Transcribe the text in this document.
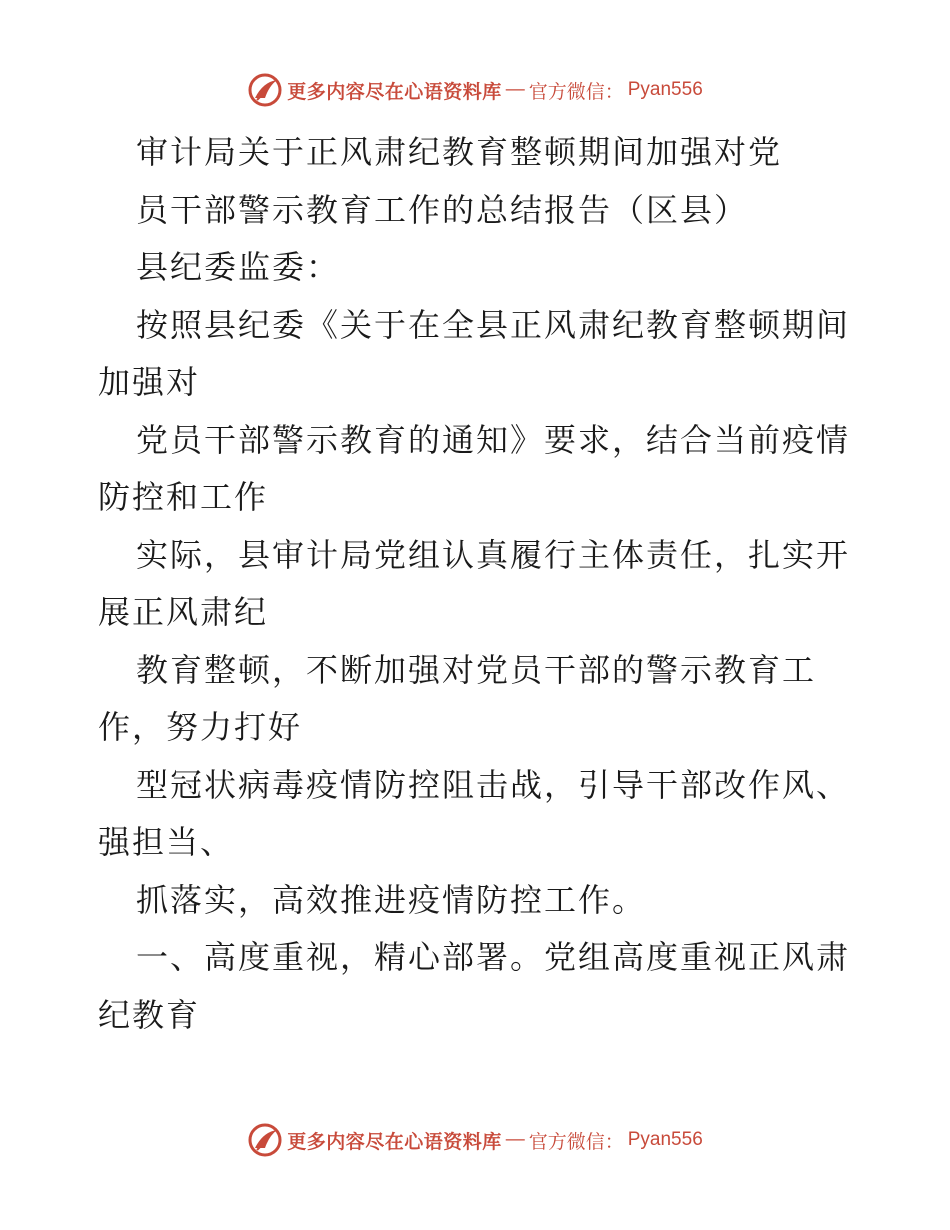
更多内容尽在心语资料库 — 官方微信： Pyan556
审计局关于正风肃纪教育整顿期间加强对党
员干部警示教育工作的总结报告（区县）
县纪委监委：
按照县纪委《关于在全县正风肃纪教育整顿期间
加强对
党员干部警示教育的通知》要求，结合当前疫情
防控和工作
实际，县审计局党组认真履行主体责任，扎实开
展正风肃纪
教育整顿，不断加强对党员干部的警示教育工
作，努力打好
型冠状病毒疫情防控阻击战，引导干部改作风、
强担当、
抓落实，高效推进疫情防控工作。
一、高度重视，精心部署。党组高度重视正风肃
纪教育
更多内容尽在心语资料库 — 官方微信： Pyan556
